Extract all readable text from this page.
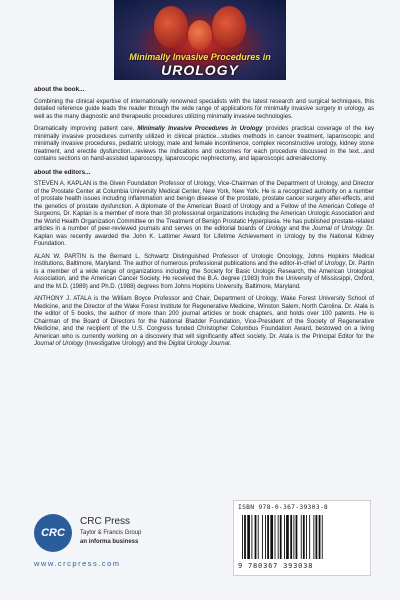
Minimally Invasive Procedures in
UROLOGY
about the book...

Combining the clinical expertise of internationally renowned specialists with the latest research and surgical techniques, this detailed reference guide leads the reader through the wide range of applications for minimally invasive surgery in urology, as well as the many diagnostic and therapeutic procedures utilizing minimally invasive technologies.

Dramatically improving patient care, Minimally Invasive Procedures in Urology provides practical coverage of the key minimally invasive procedures currently utilized in clinical practice...studies methods in cancer treatment, laparoscopic and minimally invasive procedures, pediatric urology, male and female incontinence, complex reconstructive urology, kidney stone treatment, and erectile dysfunction...reviews the indications and outcomes for each procedure discussed in the text...and contains sections on hand-assisted laparoscopy, laparoscopic nephrectomy, and laparoscopic adrenalectomy.

about the editors...

STEVEN A. KAPLAN is the Given Foundation Professor of Urology, Vice-Chairman of the Department of Urology, and Director of the Prostate Center at Columbia University Medical Center, New York, New York. He is a recognized authority on a number of prostate health issues including inflammation and benign disease of the prostate, prostate cancer surgery after-effects, and the genetics of prostate dysfunction. A diplomate of the American Board of Urology and a Fellow of the American College of Surgeons, Dr. Kaplan is a member of more than 30 professional organizations including the American Urologic Association and the World Health Organization Committee on the Treatment of Benign Prostatic Hyperplasia. He has published prostate-related articles in a number of peer-reviewed journals and serves on the editorial boards of Urology and the Journal of Urology. Dr. Kaplan was recently awarded the John K. Lattimer Award for Lifetime Achievement in Urology by the National Kidney Foundation.

ALAN W. PARTIN is the Bernard L. Schwartz Distinguished Professor of Urologic Oncology, Johns Hopkins Medical Institutions, Baltimore, Maryland. The author of numerous professional publications and the editor-in-chief of Urology, Dr. Partin is a member of a wide range of organizations including the Society for Basic Urologic Research, the American Urological Association, and the American Cancer Society. He received the B.A. degree (1983) from the University of Mississippi, Oxford, and the M.D. (1989) and Ph.D. (1988) degrees from Johns Hopkins University, Baltimore, Maryland.

ANTHONY J. ATALA is the William Boyce Professor and Chair, Department of Urology, Wake Forest University School of Medicine, and the Director of the Wake Forest Institute for Regenerative Medicine, Winston Salem, North Carolina. Dr. Atala is the editor of 5 books, the author of more than 200 journal articles or book chapters, and holds over 100 patents. He is Chairman of the Board of Directors for the National Bladder Foundation, Vice-President of the Society of Regenerative Medicine, and the recipient of the U.S. Congress funded Christopher Columbus Foundation Award, bestowed on a living American who is currently working on a discovery that will significantly affect society. Dr. Atala is the Principal Editor for the Journal of Urology (Investigative Urology) and the Digital Urology Journal.

CRC
CRC Press
Taylor & Francis Group
an informa business
www.crcpress.com
ISBN 978-0-367-39303-8
9 780367 393038
